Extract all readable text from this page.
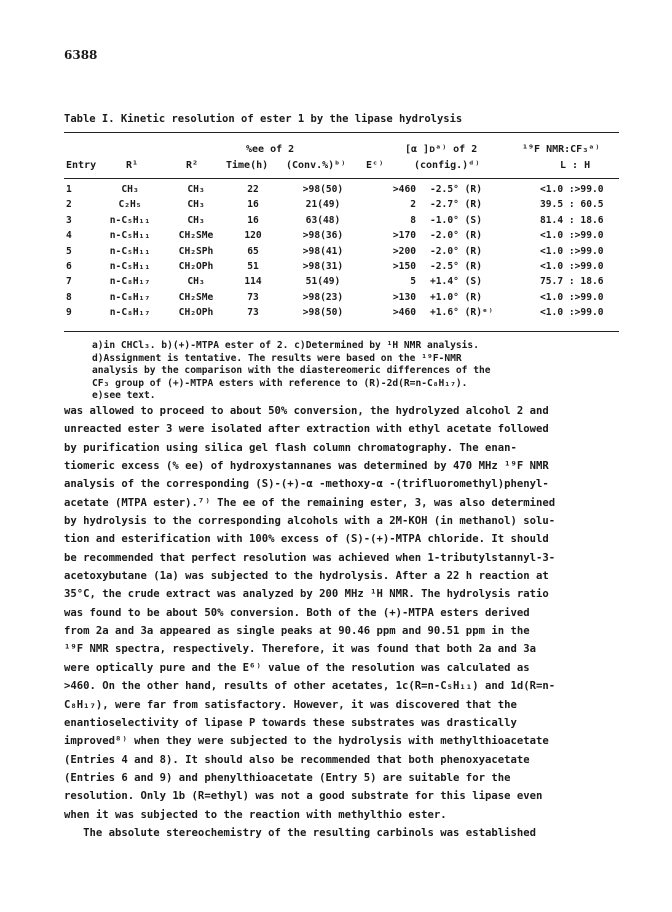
6388
Table I. Kinetic resolution of ester 1 by the lipase hydrolysis
%ee of 2	[α ]ᴅᵃ⁾ of 2	¹⁹F NMR:CF₃ᵃ⁾
Entry	R¹	R²	Time(h) (Conv.%)ᵇ⁾ Eᶜ⁾	(config.)ᵈ⁾	L : H
1	CH₃	CH₃	22	>98(50)	>460 -2.5° (R)	<1.0 :>99.0
2	C₂H₅	CH₃	16	21(49)	2 -2.7° (R)	39.5 : 60.5
3	n-C₅H₁₁	CH₃	16	63(48)	8 -1.0° (S)	81.4 : 18.6
4	n-C₅H₁₁	CH₂SMe	120	>98(36)	>170 -2.0° (R)	<1.0 :>99.0
5	n-C₅H₁₁	CH₂SPh	65	>98(41)	>200 -2.0° (R)	<1.0 :>99.0
6	n-C₅H₁₁	CH₂OPh	51	>98(31)	>150 -2.5° (R)	<1.0 :>99.0
7	n-C₈H₁₇	CH₃	114	51(49)	5 +1.4° (S)	75.7 : 18.6
8	n-C₈H₁₇	CH₂SMe	73	>98(23)	>130 +1.0° (R)	<1.0 :>99.0
9	n-C₈H₁₇	CH₂OPh	73	>98(50)	>460 +1.6° (R)ᵉ⁾	<1.0 :>99.0
a)in CHCl₃. b)(+)-MTPA ester of 2. c)Determined by ¹H NMR analysis.
d)Assignment is tentative. The results were based on the ¹⁹F-NMR
analysis by the comparison with the diastereomeric differences of the
CF₃ group of (+)-MTPA esters with reference to (R)-2d(R=n-C₈H₁₇).
e)see text.
was allowed to proceed to about 50% conversion, the hydrolyzed alcohol 2 and
unreacted ester 3 were isolated after extraction with ethyl acetate followed
by purification using silica gel flash column chromatography. The enan-
tiomeric excess (% ee) of hydroxystannanes was determined by 470 MHz ¹⁹F NMR
analysis of the corresponding (S)-(+)-α -methoxy-α -(trifluoromethyl)phenyl-
acetate (MTPA ester).⁷⁾ The ee of the remaining ester, 3, was also determined
by hydrolysis to the corresponding alcohols with a 2M-KOH (in methanol) solu-
tion and esterification with 100% excess of (S)-(+)-MTPA chloride. It should
be recommended that perfect resolution was achieved when 1-tributylstannyl-3-
acetoxybutane (1a) was subjected to the hydrolysis. After a 22 h reaction at
35°C, the crude extract was analyzed by 200 MHz ¹H NMR. The hydrolysis ratio
was found to be about 50% conversion. Both of the (+)-MTPA esters derived
from 2a and 3a appeared as single peaks at 90.46 ppm and 90.51 ppm in the
¹⁹F NMR spectra, respectively. Therefore, it was found that both 2a and 3a
were optically pure and the E⁶⁾ value of the resolution was calculated as
>460. On the other hand, results of other acetates, 1c(R=n-C₅H₁₁) and 1d(R=n-
C₈H₁₇), were far from satisfactory. However, it was discovered that the
enantioselectivity of lipase P towards these substrates was drastically
improved⁸⁾ when they were subjected to the hydrolysis with methylthioacetate
(Entries 4 and 8). It should also be recommended that both phenoxyacetate
(Entries 6 and 9) and phenylthioacetate (Entry 5) are suitable for the
resolution. Only 1b (R=ethyl) was not a good substrate for this lipase even
when it was subjected to the reaction with methylthio ester.
The absolute stereochemistry of the resulting carbinols was established
